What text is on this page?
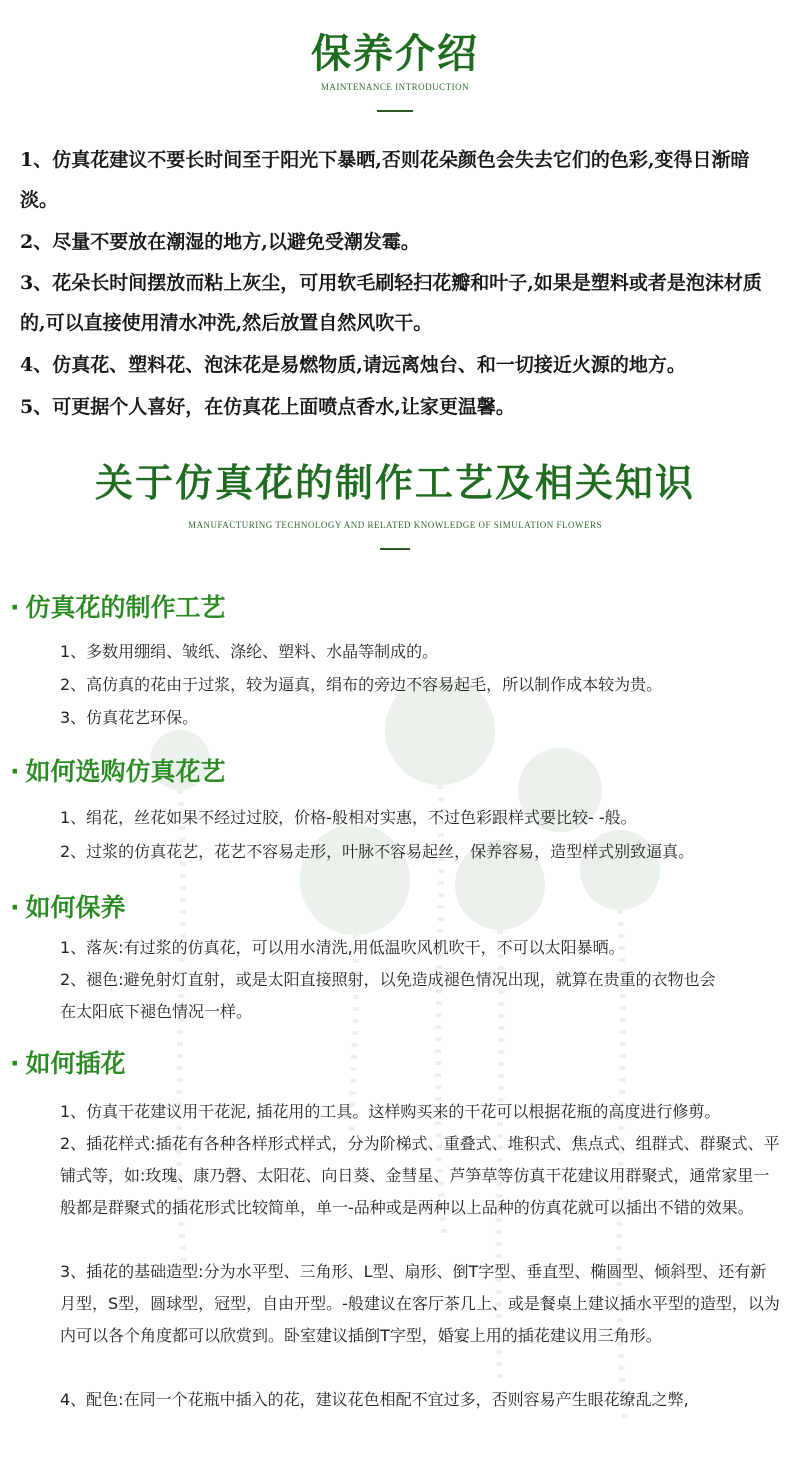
保养介绍
MAINTENANCE INTRODUCTION

1、仿真花建议不要长时间至于阳光下暴晒,否则花朵颜色会失去它们的色彩,变得日渐暗淡。

2、尽量不要放在潮湿的地方,以避免受潮发霉。

3、花朵长时间摆放而粘上灰尘，可用软毛刷轻扫花瓣和叶子,如果是塑料或者是泡沫材质的,可以直接使用清水冲洗,然后放置自然风吹干。

4、仿真花、塑料花、泡沫花是易燃物质,请远离烛台、和一切接近火源的地方。

5、可更据个人喜好，在仿真花上面喷点香水,让家更温馨。

关于仿真花的制作工艺及相关知识
MANUFACTURING TECHNOLOGY AND RELATED KNOWLEDGE OF SIMULATION FLOWERS
· 仿真花的制作工艺

1、多数用绷绢、皱纸、涤纶、塑料、水晶等制成的。

2、高仿真的花由于过浆，较为逼真，绢布的旁边不容易起毛，所以制作成本较为贵。

3、仿真花艺环保。

· 如何选购仿真花艺

1、绢花，丝花如果不经过过胶，价格-般相对实惠，不过色彩跟样式要比较- -般。

2、过浆的仿真花艺，花艺不容易走形，叶脉不容易起丝，保养容易，造型样式别致逼真。

· 如何保养

1、落灰:有过浆的仿真花，可以用水清洗,用低温吹风机吹干，不可以太阳暴晒。

2、褪色:避免射灯直射，或是太阳直接照射，以免造成褪色情况出现，就算在贵重的衣物也会在太阳底下褪色情况一样。

· 如何插花

1、仿真干花建议用干花泥, 插花用的工具。这样购买来的干花可以根据花瓶的高度进行修剪。

2、插花样式:插花有各种各样形式样式，分为阶梯式、重叠式、堆积式、焦点式、组群式、群聚式、平铺式等，如:玫瑰、康乃磬、太阳花、向日葵、金彗星、芦笋草等仿真干花建议用群聚式，通常家里一般都是群聚式的插花形式比较简单，单一-品种或是两种以上品种的仿真花就可以插出不错的效果。

3、插花的基础造型:分为水平型、三角形、L型、扇形、倒T字型、垂直型、椭圆型、倾斜型、还有新月型，S型，圆球型，冠型，自由开型。-般建议在客厅茶几上、或是餐桌上建议插水平型的造型，以为内可以各个角度都可以欣赏到。卧室建议插倒T字型，婚宴上用的插花建议用三角形。

4、配色:在同一个花瓶中插入的花，建议花色相配不宜过多，否则容易产生眼花缭乱之弊,
